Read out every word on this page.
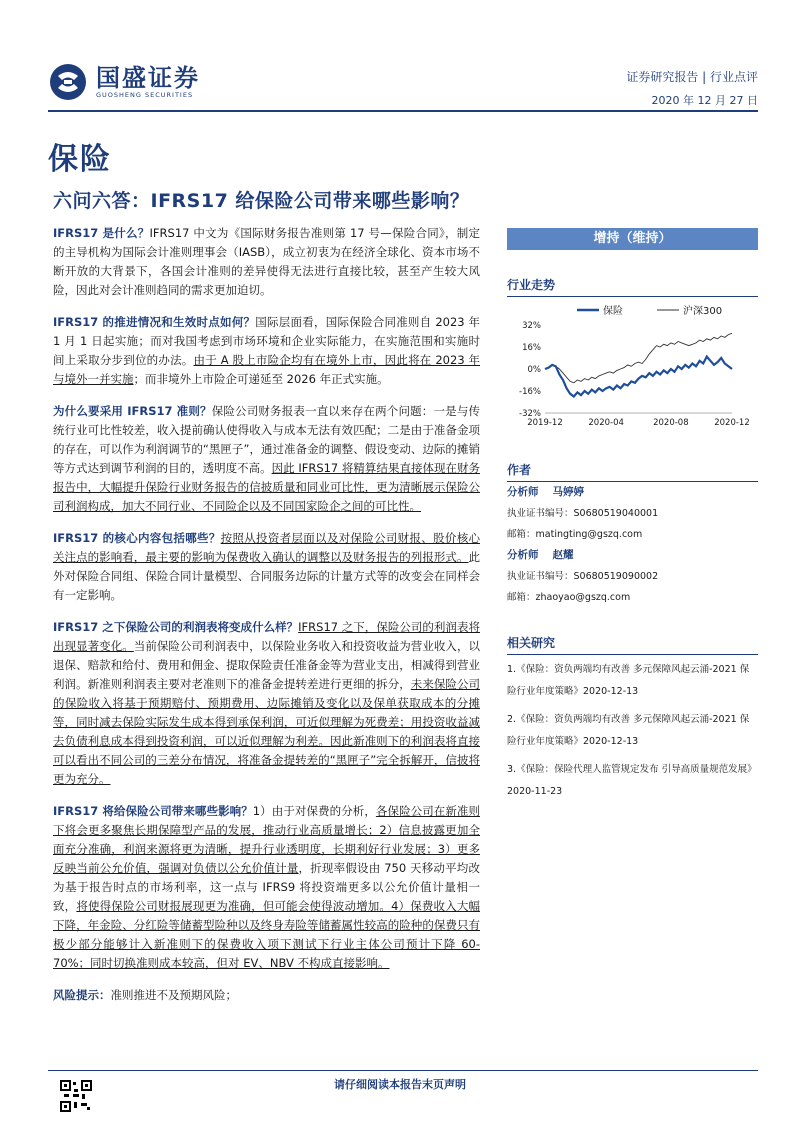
国盛证券
GUOSHENG SECURITIES
证券研究报告 | 行业点评
2020 年 12 月 27 日
保险
六问六答：IFRS17 给保险公司带来哪些影响？

IFRS17 是什么？IFRS17 中文为《国际财务报告准则第 17 号—保险合同》，制定的主导机构为国际会计准则理事会（IASB），成立初衷为在经济全球化、资本市场不断开放的大背景下，各国会计准则的差异使得无法进行直接比较，甚至产生较大风险，因此对会计准则趋同的需求更加迫切。

IFRS17 的推进情况和生效时点如何？国际层面看，国际保险合同准则自 2023 年 1 月 1 日起实施；而对我国考虑到市场环境和企业实际能力，在实施范围和实施时间上采取分步到位的办法。由于 A 股上市险企均有在境外上市，因此将在 2023 年与境外一并实施；而非境外上市险企可递延至 2026 年正式实施。

为什么要采用 IFRS17 准则？保险公司财务报表一直以来存在两个问题：一是与传统行业可比性较差，收入提前确认使得收入与成本无法有效匹配；二是由于准备金项的存在，可以作为利润调节的“黑匣子”，通过准备金的调整、假设变动、边际的摊销等方式达到调节利润的目的，透明度不高。因此 IFRS17 将精算结果直接体现在财务报告中，大幅提升保险行业财务报告的信披质量和同业可比性，更为清晰展示保险公司利润构成，加大不同行业、不同险企以及不同国家险企之间的可比性。

IFRS17 的核心内容包括哪些？按照从投资者层面以及对保险公司财报、股价核心关注点的影响看，最主要的影响为保费收入确认的调整以及财务报告的列报形式。此外对保险合同组、保险合同计量模型、合同服务边际的计量方式等的改变会在同样会有一定影响。

IFRS17 之下保险公司的利润表将变成什么样？IFRS17 之下，保险公司的利润表将出现显著变化。当前保险公司利润表中，以保险业务收入和投资收益为营业收入，以退保、赔款和给付、费用和佣金、提取保险责任准备金等为营业支出，相减得到营业利润。新准则利润表主要对老准则下的准备金提转差进行更细的拆分，未来保险公司的保险收入将基于预期赔付、预期费用、边际摊销及变化以及保单获取成本的分摊等，同时减去保险实际发生成本得到承保利润，可近似理解为死费差；用投资收益减去负债利息成本得到投资利润，可以近似理解为利差。因此新准则下的利润表将直接可以看出不同公司的三差分布情况，将准备金提转差的“黑匣子”完全拆解开，信披将更为充分。

IFRS17 将给保险公司带来哪些影响？1）由于对保费的分析，各保险公司在新准则下将会更多聚焦长期保障型产品的发展，推动行业高质量增长；2）信息披露更加全面充分准确，利润来源将更为清晰，提升行业透明度，长期利好行业发展；3）更多反映当前公允价值，强调对负债以公允价值计量，折现率假设由 750 天移动平均改为基于报告时点的市场利率，这一点与 IFRS9 将投资端更多以公允价值计量相一致，将使得保险公司财报展现更为准确，但可能会使得波动增加。4）保费收入大幅下降，年金险、分红险等储蓄型险种以及终身寿险等储蓄属性较高的险种的保费只有极少部分能够计入新准则下的保费收入项下测试下行业主体公司预计下降 60-70%；同时切换准则成本较高，但对 EV、NBV 不构成直接影响。

风险提示：准则推进不及预期风险；

增持（维持）
行业走势
保险	沪深300
32%
16%
0%
-16%
-32%
2019-12	2020-04	2020-08	2020-12
作者
分析师 马婷婷
执业证书编号：S0680519040001
邮箱：matingting@gszq.com
分析师 赵耀
执业证书编号：S0680519090002
邮箱：zhaoyao@gszq.com
相关研究
1.《保险：资负两端均有改善 多元保障风起云涌-2021 保险行业年度策略》2020-12-13
2.《保险：资负两端均有改善 多元保障风起云涌-2021 保险行业年度策略》2020-12-13
3.《保险：保险代理人监管规定发布 引导高质量规范发展》2020-11-23
请仔细阅读本报告末页声明
